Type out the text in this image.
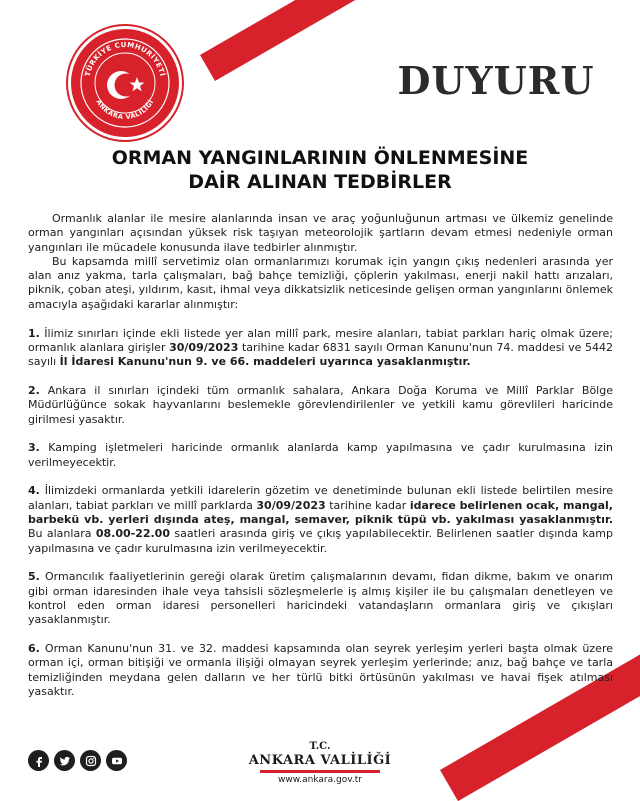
TÜRKİYE CUMHURİYETİ
ANKARA VALİLİĞİ	DUYURU
ORMAN YANGINLARININ ÖNLENMESİNE
DAİR ALINAN TEDBİRLER

Ormanlık alanlar ile mesire alanlarında insan ve araç yoğunluğunun artması ve ülkemiz genelinde orman yangınları açısından yüksek risk taşıyan meteorolojik şartların devam etmesi nedeniyle orman yangınları ile mücadele konusunda ilave tedbirler alınmıştır.

Bu kapsamda millî servetimiz olan ormanlarımızı korumak için yangın çıkış nedenleri arasında yer alan anız yakma, tarla çalışmaları, bağ bahçe temizliği, çöplerin yakılması, enerji nakil hattı arızaları, piknik, çoban ateşi, yıldırım, kasıt, ihmal veya dikkatsizlik neticesinde gelişen orman yangınlarını önlemek amacıyla aşağıdaki kararlar alınmıştır:

1. İlimiz sınırları içinde ekli listede yer alan millî park, mesire alanları, tabiat parkları hariç olmak üzere; ormanlık alanlara girişler 30/09/2023 tarihine kadar 6831 sayılı Orman Kanunu'nun 74. maddesi ve 5442 sayılı İl İdaresi Kanunu'nun 9. ve 66. maddeleri uyarınca yasaklanmıştır.

2. Ankara il sınırları içindeki tüm ormanlık sahalara, Ankara Doğa Koruma ve Millî Parklar Bölge Müdürlüğünce sokak hayvanlarını beslemekle görevlendirilenler ve yetkili kamu görevlileri haricinde girilmesi yasaktır.

3. Kamping işletmeleri haricinde ormanlık alanlarda kamp yapılmasına ve çadır kurulmasına izin verilmeyecektir.

4. İlimizdeki ormanlarda yetkili idarelerin gözetim ve denetiminde bulunan ekli listede belirtilen mesire alanları, tabiat parkları ve millî parklarda 30/09/2023 tarihine kadar idarece belirlenen ocak, mangal, barbekü vb. yerleri dışında ateş, mangal, semaver, piknik tüpü vb. yakılması yasaklanmıştır. Bu alanlara 08.00-22.00 saatleri arasında giriş ve çıkış yapılabilecektir. Belirlenen saatler dışında kamp yapılmasına ve çadır kurulmasına izin verilmeyecektir.

5. Ormancılık faaliyetlerinin gereği olarak üretim çalışmalarının devamı, fidan dikme, bakım ve onarım gibi orman idaresinden ihale veya tahsisli sözleşmelerle iş almış kişiler ile bu çalışmaları denetleyen ve kontrol eden orman idaresi personelleri haricindeki vatandaşların ormanlara giriş ve çıkışları yasaklanmıştır.

6. Orman Kanunu'nun 31. ve 32. maddesi kapsamında olan seyrek yerleşim yerleri başta olmak üzere orman içi, orman bitişiği ve ormanla ilişiği olmayan seyrek yerleşim yerlerinde; anız, bağ bahçe ve tarla temizliğinden meydana gelen dalların ve her türlü bitki örtüsünün yakılması ve havai fişek atılması yasaktır.

T.C.
ANKARA VALİLİĞİ
www.ankara.gov.tr
